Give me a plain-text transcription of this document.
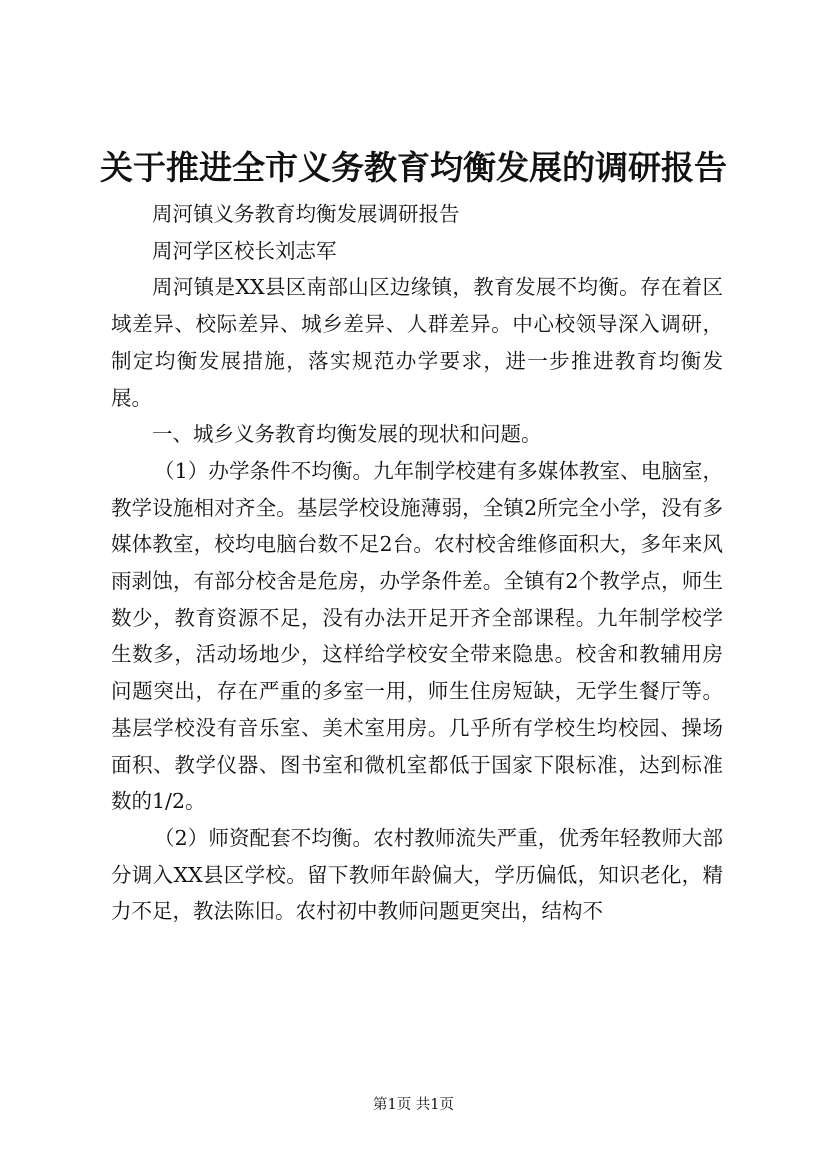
关于推进全市义务教育均衡发展的调研报告

周河镇义务教育均衡发展调研报告

周河学区校长刘志军

周河镇是XX县区南部山区边缘镇，教育发展不均衡。存在着区域差异、校际差异、城乡差异、人群差异。中心校领导深入调研，制定均衡发展措施，落实规范办学要求，进一步推进教育均衡发展。

一、城乡义务教育均衡发展的现状和问题。

（1）办学条件不均衡。九年制学校建有多媒体教室、电脑室，教学设施相对齐全。基层学校设施薄弱，全镇2所完全小学，没有多媒体教室，校均电脑台数不足2台。农村校舍维修面积大，多年来风雨剥蚀，有部分校舍是危房，办学条件差。全镇有2个教学点，师生数少，教育资源不足，没有办法开足开齐全部课程。九年制学校学生数多，活动场地少，这样给学校安全带来隐患。校舍和教辅用房问题突出，存在严重的多室一用，师生住房短缺，无学生餐厅等。基层学校没有音乐室、美术室用房。几乎所有学校生均校园、操场面积、教学仪器、图书室和微机室都低于国家下限标准，达到标准数的1/2。

（2）师资配套不均衡。农村教师流失严重，优秀年轻教师大部分调入XX县区学校。留下教师年龄偏大，学历偏低，知识老化，精力不足，教法陈旧。农村初中教师问题更突出，结构不

第1页 共1页
